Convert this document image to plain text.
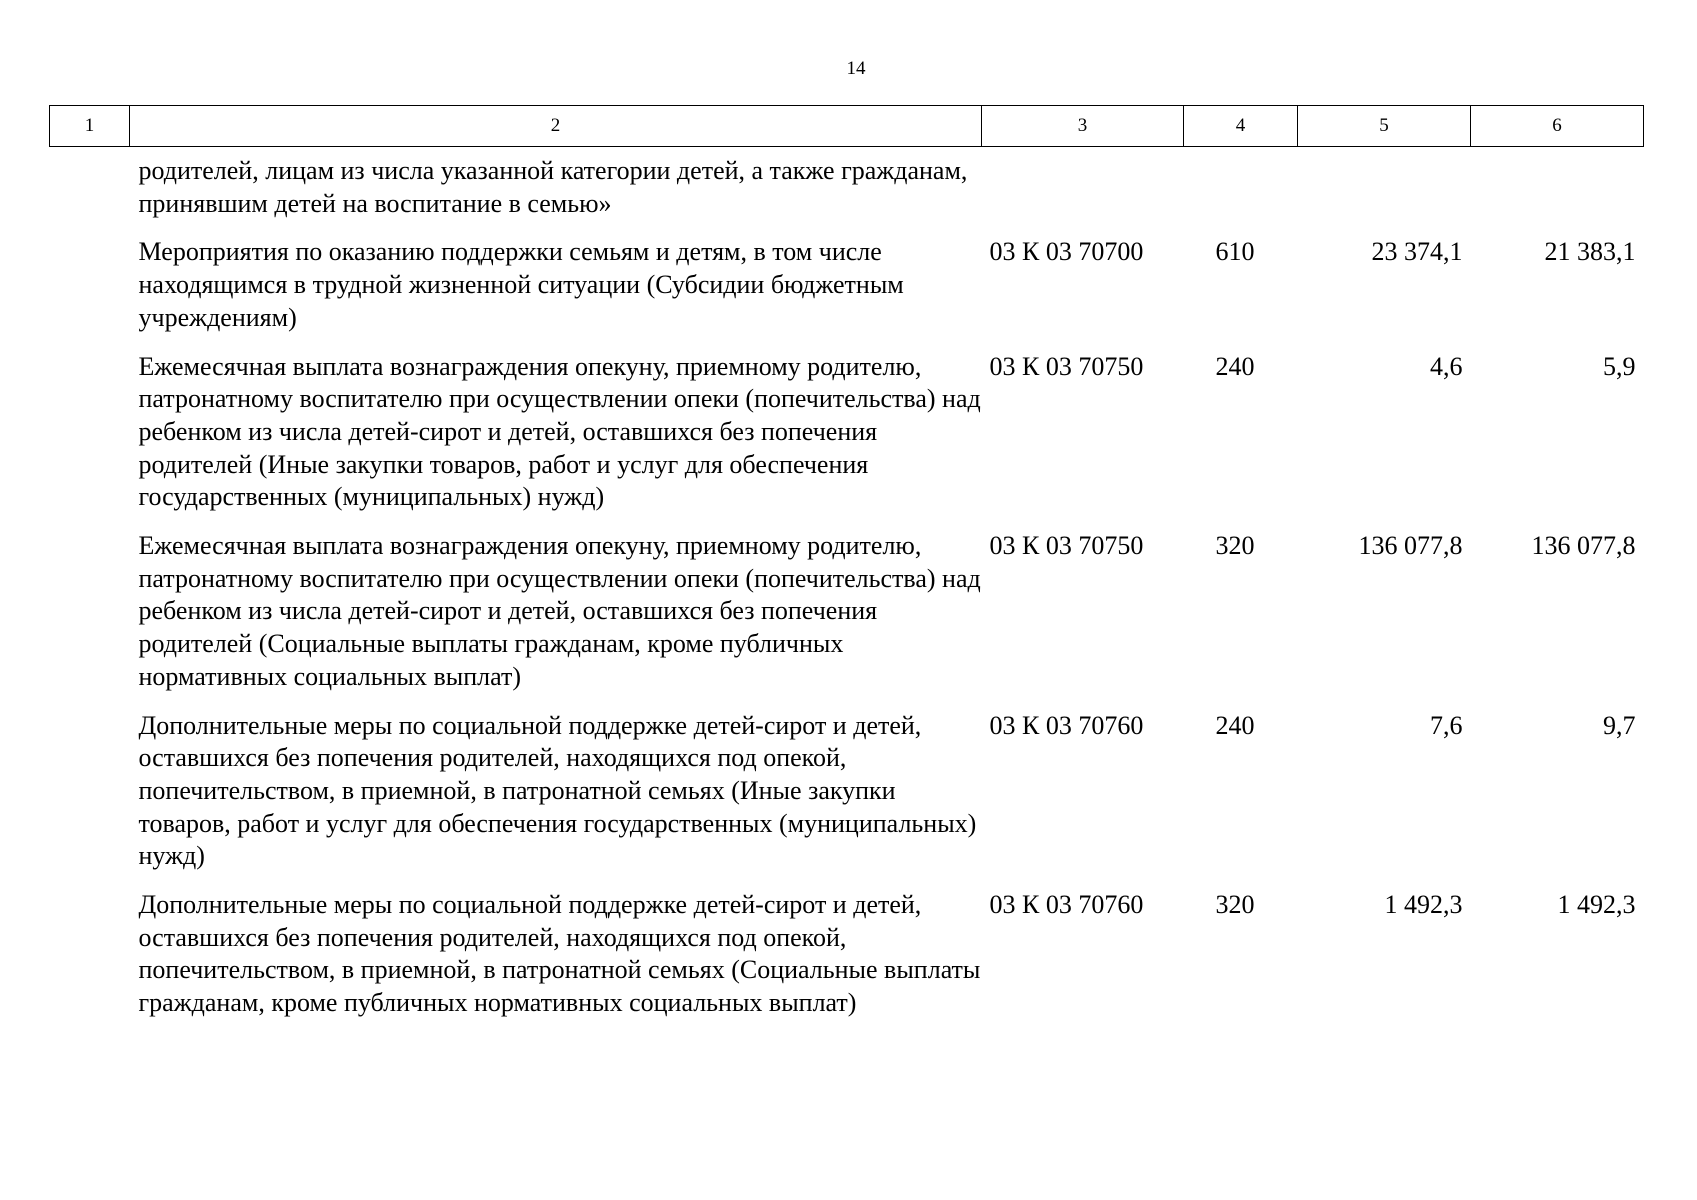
14
1	2	3	4	5	6
	родителей, лицам из числа указанной категории детей, а также гражданам, принявшим детей на воспитание в семью»				
	Мероприятия по оказанию поддержки семьям и детям, в том числе находящимся в трудной жизненной ситуации (Субсидии бюджетным учреждениям)	03 К 03 70700	610	23 374,1	21 383,1
	Ежемесячная выплата вознаграждения опекуну, приемному родителю, патронатному воспитателю при осуществлении опеки (попечительства) над ребенком из числа детей-сирот и детей, оставшихся без попечения родителей (Иные закупки товаров, работ и услуг для обеспечения государственных (муниципальных) нужд)	03 К 03 70750	240	4,6	5,9
	Ежемесячная выплата вознаграждения опекуну, приемному родителю, патронатному воспитателю при осуществлении опеки (попечительства) над ребенком из числа детей-сирот и детей, оставшихся без попечения родителей (Социальные выплаты гражданам, кроме публичных нормативных социальных выплат)	03 К 03 70750	320	136 077,8	136 077,8
	Дополнительные меры по социальной поддержке детей-сирот и детей, оставшихся без попечения родителей, находящихся под опекой, попечительством, в приемной, в патронатной семьях (Иные закупки товаров, работ и услуг для обеспечения государственных (муниципальных) нужд)	03 К 03 70760	240	7,6	9,7
	Дополнительные меры по социальной поддержке детей-сирот и детей, оставшихся без попечения родителей, находящихся под опекой, попечительством, в приемной, в патронатной семьях (Социальные выплаты гражданам, кроме публичных нормативных социальных выплат)	03 К 03 70760	320	1 492,3	1 492,3
